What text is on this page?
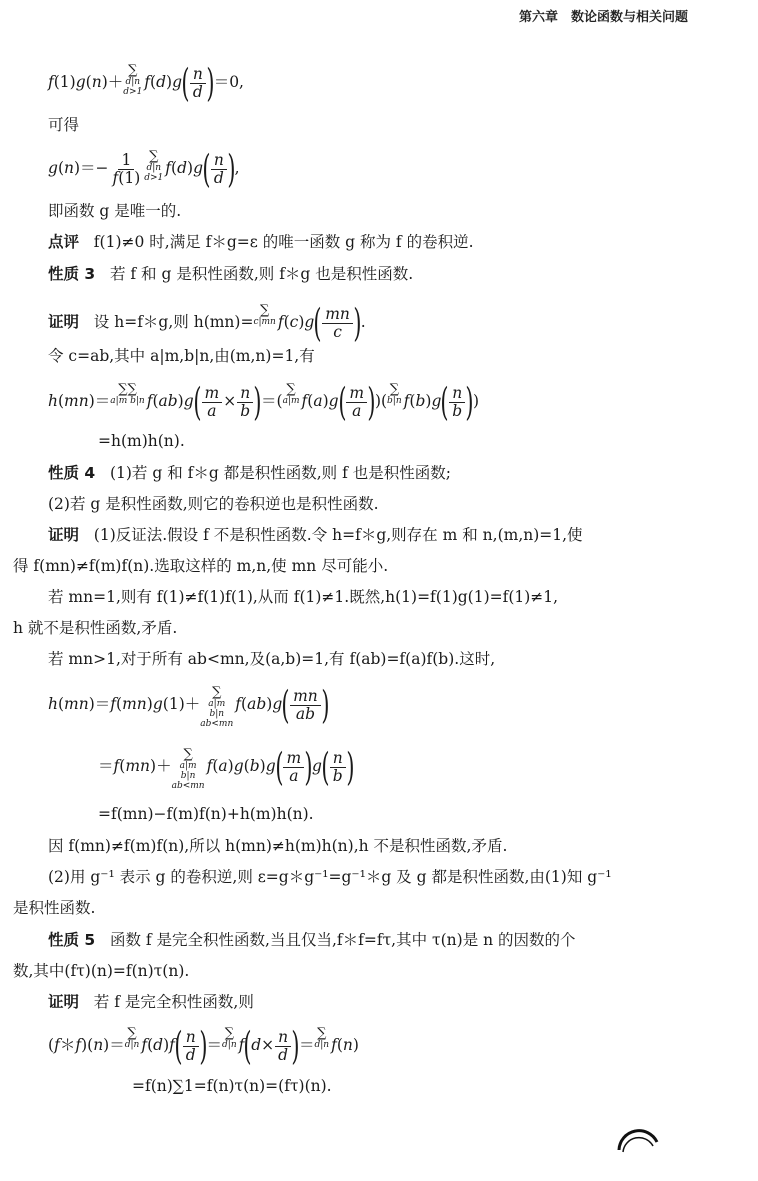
第六章　数论函数与相关问题
f(1)g(n)＋
∑
d|n
d>1
$f(d)g( \frac{n}{d} )=0$,
可得
$g(n)=- \frac{1}{f(1)}$ ∑
d|n
d>1
$f(d)g( \frac{n}{d}$ ),
即函数 g 是唯一的.
点评 f(1)≠0 时,满足 f＊g=ε 的唯一函数 g 称为 f 的卷积逆.
性质 3 若 f 和 g 是积性函数,则 f＊g 也是积性函数.
证明 设 h=f＊g,则 h(mn)=
∑
c|mn $f(c)g( \frac{mn}{c}$ ).
令 c=ab,其中 a|m,b|n,由(m,n)=1,有
h(mn)＝
∑∑
a|m b|n $f(ab)g( \frac{m}{a} \times \frac{n}{b}$ )＝(
∑
a|m $f(a)g( \frac{m}{a}$ ))(
∑
b|n $f(b)g( \frac{n}{b}$ ))
=h(m)h(n).
性质 4 (1)若 g 和 f＊g 都是积性函数,则 f 也是积性函数;
(2)若 g 是积性函数,则它的卷积逆也是积性函数.
证明 (1)反证法.假设 f 不是积性函数.令 h=f＊g,则存在 m 和 n,(m,n)=1,使
得 f(mn)≠f(m)f(n).选取这样的 m,n,使 mn 尽可能小.
若 mn=1,则有 f(1)≠f(1)f(1),从而 f(1)≠1.既然,h(1)=f(1)g(1)=f(1)≠1,
h 就不是积性函数,矛盾.
若 mn>1,对于所有 ab<mn,及(a,b)=1,有 f(ab)=f(a)f(b).这时,
h(mn)＝f(mn)g(1)＋
∑
a|m
b|n
ab<mn
$f(ab)g( \frac{mn}{ab}$ )
＝f(mn)＋
∑
a|m
b|n
ab<mn
$f(a)g(b)g( \frac{m}{a} )g( \frac{n}{b}$ )
=f(mn)−f(m)f(n)+h(m)h(n).
因 f(mn)≠f(m)f(n),所以 h(mn)≠h(m)h(n),h 不是积性函数,矛盾.
(2)用 g⁻¹ 表示 g 的卷积逆,则 ε=g＊g⁻¹=g⁻¹＊g 及 g 都是积性函数,由(1)知 g⁻¹
是积性函数.
性质 5 函数 f 是完全积性函数,当且仅当,f＊f=fτ,其中 τ(n)是 n 的因数的个
数,其中(fτ)(n)=f(n)τ(n).
证明 若 f 是完全积性函数,则
(f＊f)(n)＝
∑
d|n $f(d)f( \frac{n}{d}$ )＝
∑
d|n $f(d\times \frac{n}{d}$ )＝
∑
d|n f(n)
=f(n)∑1=f(n)τ(n)=(fτ)(n).
